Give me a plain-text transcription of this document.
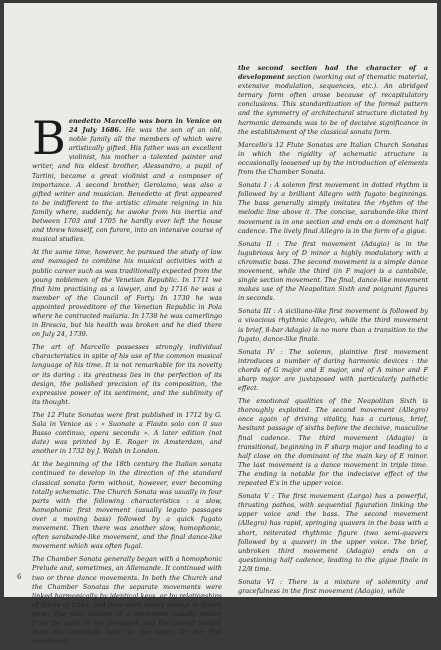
Benedetto Marcello was born in Venice on 24 July 1686. He was the son of an old, noble family all the members of which were artistically gifted. His father was an excellent violinist, his mother a talented painter and writer, and his eldest brother, Alessandro, a pupil of Tartini, became a great violinist and a composer of importance. A second brother, Gerolamo, was also a gifted writer and musician. Benedetto at first appeared to be indifferent to the artistic climate reigning in his family where, suddenly, he awoke from his inertia and between 1703 and 1705 he hardly ever left the house and threw himself, con furore, into an intensive course of musical studies.

At the same time, however, he pursued the study of law and managed to combine his musical activities with a public career such as was traditionally expected from the young noblemen of the Venetian Republic. In 1711 we find him practising as a lawyer, and by 1716 he was a member of the Council of Forty. In 1730 he was appointed proveditore of the Venetian Republic in Pola where he contracted malaria. In 1738 he was camerlingo in Brescia, but his health was broken and he died there on July 24, 1739.

The art of Marcello possesses strongly individual characteristics in spite of his use of the common musical language of his time. It is not remarkable for its novelty or its daring : its greatness lies in the perfection of its design, the polished precision of its composition, the expressive power of its sentiment, and the sublimity of its thought.

The 12 Flute Sonatas were first published in 1712 by G. Sala in Venice as : « Suonate a Flauto solo con il suo Basso continuo, opera seconda ». A later edition (not date) was printed by E. Roger in Amsterdam, and another in 1732 by J. Walsh in London.

At the beginning of the 18th century the Italian sonata continued to develop in the direction of the standard classical sonata form without, however, ever becoming totally schematic. The Church Sonata was usually in four parts with the following characteristics : a slow, homophonic first movement (usually legato passages over a moving bass) followed by a quick fugato movement. Then there was another slow, homophonic, often sarabande-like movement, and the final dance-like movement which was often fugal.

The Chamber Sonata generally began with a homophonic Prelude and, sometimes, an Allemande. It continued with two or three dance movements. In both the Church and the Chamber Sonatas the separate movements were linked harmonically by identical keys, or by relationships of thirds of fifths, and they were nearly always in binary form. The first section of a movement usually moved from the tonic to the dominant, and the second section from the dominant back to the tonic. In the first movements

the second section had the character of a development section (working out of thematic material, extensive modulation, sequences, etc.). An abridged ternary form often arose because of recapitulatory conclusions. This standardization of the formal pattern and the symmetry of architectural structure dictated by harmonic demands was to be of decisive significance in the establishment of the classical sonata form.

Marcello's 12 Flute Sonatas are Italian Church Sonatas in which the rigidity of schematic structure is occasionally loosened up by the introduction of elements from the Chamber Sonata.

Sonata I : A solemn first movement in dotted rhythm is followed by a brilliant Allegro with fugato beginnings. The bass generally simply imitates the rhythm of the melodic line above it. The concise, sarabande-like third movement is in one section and ends on a dominant half cadence. The lively final Allegro is in the form of a gigue.

Sonata II : The first movement (Adagio) is in the lugubrious key of D minor a highly modulatory with a chromatic bass. The second movement is a simple dance movement, while the third (in F major) is a cantabile, single section movement. The final, dance-like movement makes use of the Neapolitan Sixth and poignant figures in seconds.

Sonata III : A siciliano-like first movement is followed by a vivacious rhythmic Allegro, while the third movement is brief, 8-bar Adagio) is no more than a transition to the fugato, dance-like finale.

Sonata IV : The solemn, plaintive first movement introduces a number of daring harmonic devices : the chords of G major and E major, and of A minor and F sharp major are juxtaposed with particularly pathetic effect.

The emotional qualities of the Neapolitan Sixth is thoroughly exploited. The second movement (Allegro) once again of driving vitality, has a curious, brief, hesitant passage of sixths before the decisive, masculine final cadence. The third movement (Adagio) is transitional, beginning in F sharp major and leading to a half close on the dominant of the main key of E minor. The last movement is a dance movement in triple time. The ending is notable for the indecisive effect of the repeated E's in the upper voice.

Sonata V : The first movement (Largo) has a powerful, thrusting pathos, with sequential figuration linking the upper voice and the bass. The second movement (Allegro) has rapid, springing quavers in the bass with a short, reiterated rhythmic figure (two semi-quavers followed by a quaver) in the upper voice. The brief, unbroken third movement (Adagio) ends on a questioning half cadence, leading to the gigue finale in 12/8 time.

Sonata VI : There is a mixture of solemnity and gracefulness in the first movement (Adagio), while

6
